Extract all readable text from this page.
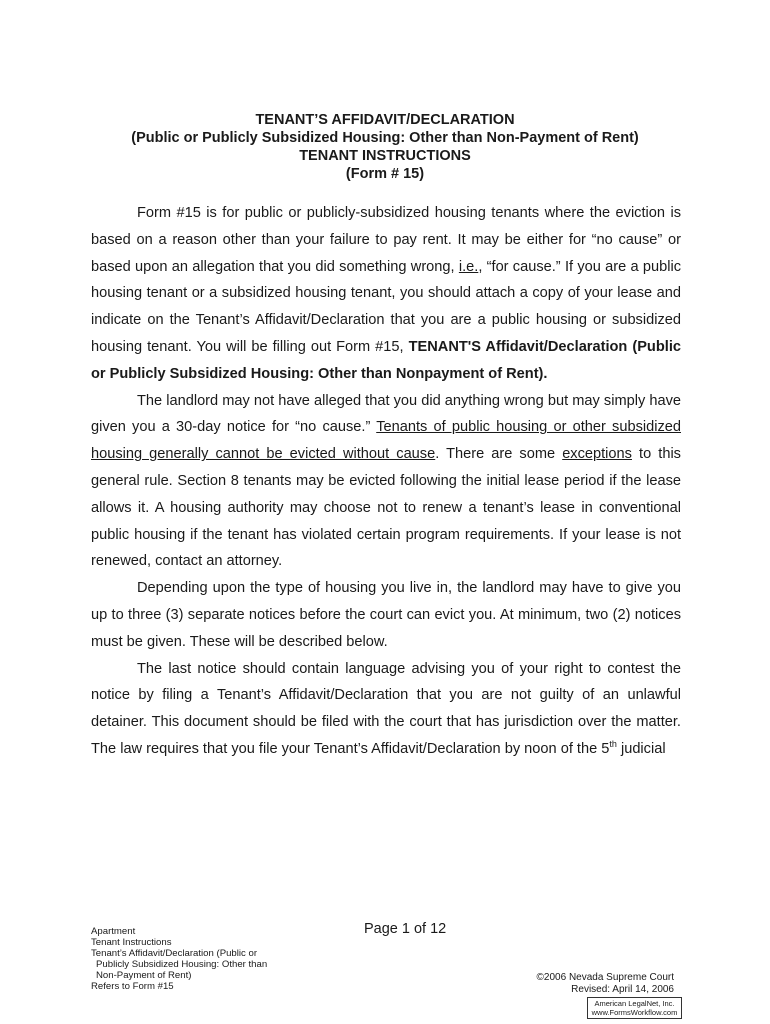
TENANT’S AFFIDAVIT/DECLARATION
(Public or Publicly Subsidized Housing: Other than Non-Payment of Rent)
TENANT INSTRUCTIONS
(Form # 15)

Form #15 is for public or publicly-subsidized housing tenants where the eviction is based on a reason other than your failure to pay rent. It may be either for “no cause” or based upon an allegation that you did something wrong, i.e., “for cause.” If you are a public housing tenant or a subsidized housing tenant, you should attach a copy of your lease and indicate on the Tenant’s Affidavit/Declaration that you are a public housing or subsidized housing tenant. You will be filling out Form #15, TENANT'S Affidavit/Declaration (Public or Publicly Subsidized Housing: Other than Nonpayment of Rent).

The landlord may not have alleged that you did anything wrong but may simply have given you a 30-day notice for “no cause.” Tenants of public housing or other subsidized housing generally cannot be evicted without cause. There are some exceptions to this general rule. Section 8 tenants may be evicted following the initial lease period if the lease allows it. A housing authority may choose not to renew a tenant’s lease in conventional public housing if the tenant has violated certain program requirements. If your lease is not renewed, contact an attorney.

Depending upon the type of housing you live in, the landlord may have to give you up to three (3) separate notices before the court can evict you. At minimum, two (2) notices must be given. These will be described below.

The last notice should contain language advising you of your right to contest the notice by filing a Tenant’s Affidavit/Declaration that you are not guilty of an unlawful detainer. This document should be filed with the court that has jurisdiction over the matter. The law requires that you file your Tenant’s Affidavit/Declaration by noon of the 5th judicial

Apartment
Tenant Instructions
Tenant’s Affidavit/Declaration (Public or
Publicly Subsidized Housing: Other than
Non-Payment of Rent)
Refers to Form #15
Page 1 of 12
©2006 Nevada Supreme Court
Revised: April 14, 2006
American LegalNet, Inc.
www.FormsWorkflow.com
